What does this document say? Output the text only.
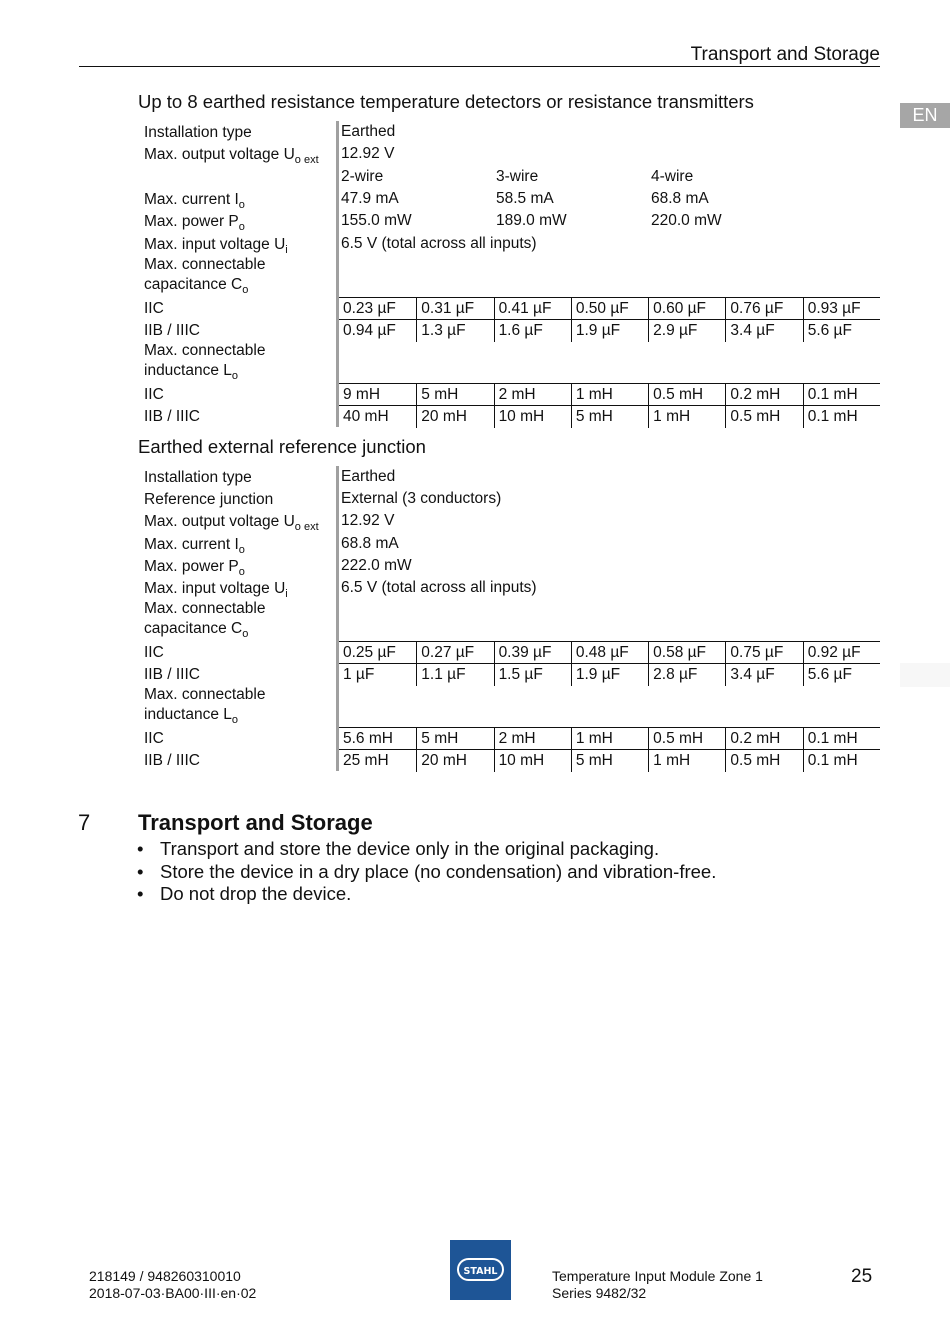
Transport and Storage
EN
Up to 8 earthed resistance temperature detectors or resistance transmitters
Installation type	Earthed
Max. output voltage $U_{o ext}$	12.92 V
2-wire	3-wire	4-wire
Max. current $I_o$	47.9 mA	58.5 mA	68.8 mA
Max. power $P_o$	155.0 mW	189.0 mW	220.0 mW
Max. input voltage $U_i$	6.5 V (total across all inputs)
Max. connectable
capacitance $C_o$
IIC	0.23 µF	0.31 µF	0.41 µF	0.50 µF	0.60 µF	0.76 µF	0.93 µF
IIB / IIIC	0.94 µF	1.3 µF	1.6 µF	1.9 µF	2.9 µF	3.4 µF	5.6 µF
Max. connectable
inductance $L_o$
IIC	9 mH	5 mH	2 mH	1 mH	0.5 mH	0.2 mH	0.1 mH
IIB / IIIC	40 mH	20 mH	10 mH	5 mH	1 mH	0.5 mH	0.1 mH
Earthed external reference junction
Installation type	Earthed
Reference junction	External (3 conductors)
Max. output voltage $U_{o ext}$	12.92 V
Max. current $I_o$	68.8 mA
Max. power $P_o$	222.0 mW
Max. input voltage $U_i$	6.5 V (total across all inputs)
Max. connectable
capacitance $C_o$
IIC	0.25 µF	0.27 µF	0.39 µF	0.48 µF	0.58 µF	0.75 µF	0.92 µF
IIB / IIIC	1 µF	1.1 µF	1.5 µF	1.9 µF	2.8 µF	3.4 µF	5.6 µF
Max. connectable
inductance $L_o$
IIC	5.6 mH	5 mH	2 mH	1 mH	0.5 mH	0.2 mH	0.1 mH
IIB / IIIC	25 mH	20 mH	10 mH	5 mH	1 mH	0.5 mH	0.1 mH
7 Transport and Storage
• Transport and store the device only in the original packaging.
• Store the device in a dry place (no condensation) and vibration-free.
• Do not drop the device.
218149 / 948260310010
2018-07-03·BA00·III·en·02
STAHL	Temperature Input Module Zone 1
Series 9482/32
25
